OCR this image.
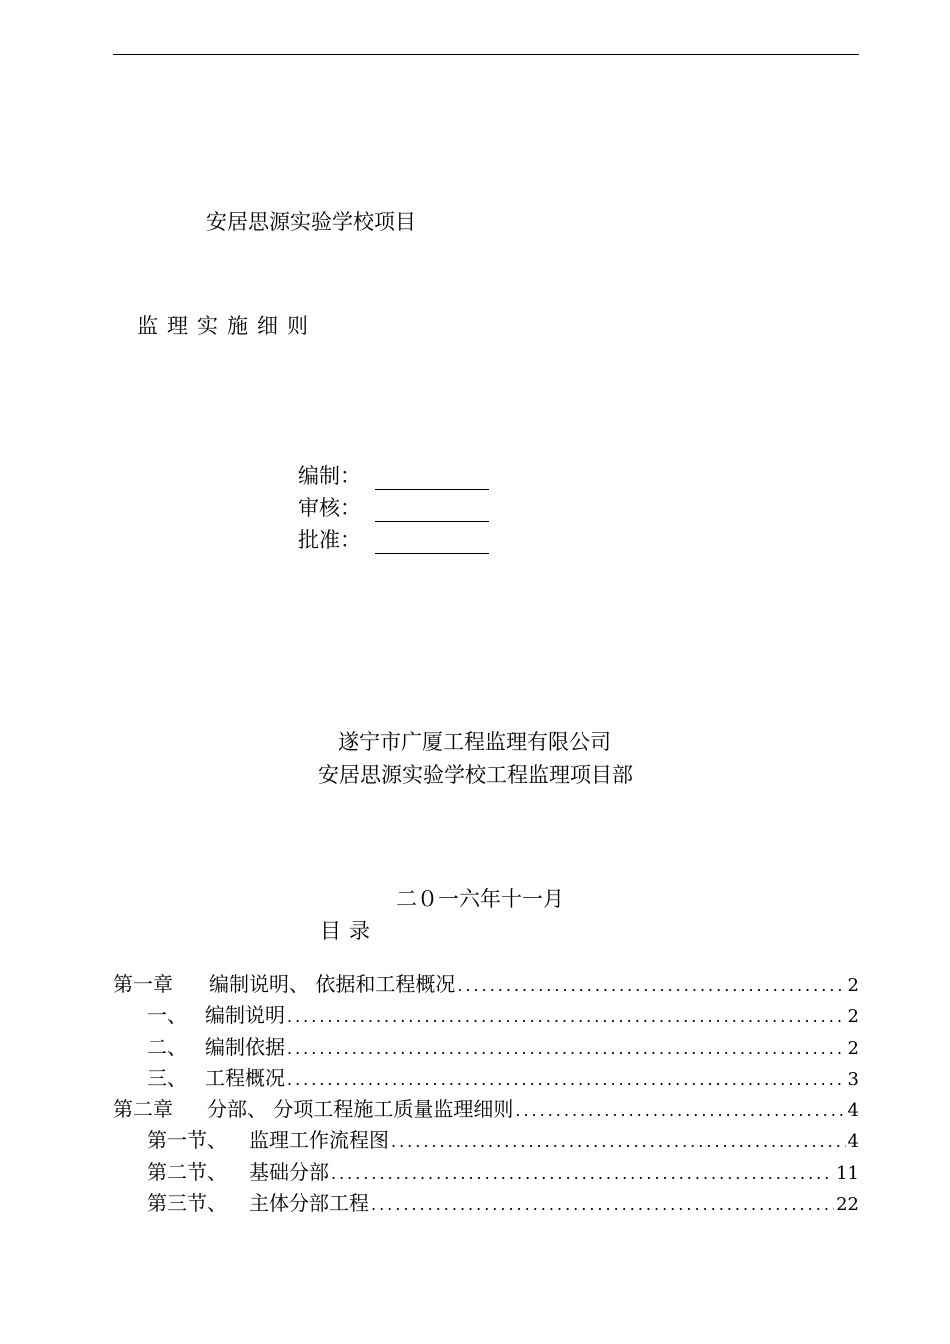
安居思源实验学校项目
监理实施细则
编制：
审核：
批准：
遂宁市广厦工程监理有限公司
安居思源实验学校工程监理项目部
二０一六年十一月
目录
第一章 编制说明、 依据和工程概况 .....	2
一、 编制说明 .....	2
二、 编制依据 .....	2
三、 工程概况 .....	3
第二章 分部、 分项工程施工质量监理细则 .....	4
第一节、 监理工作流程图 .....	4
第二节、 基础分部 .....	11
第三节、 主体分部工程 .....	22
